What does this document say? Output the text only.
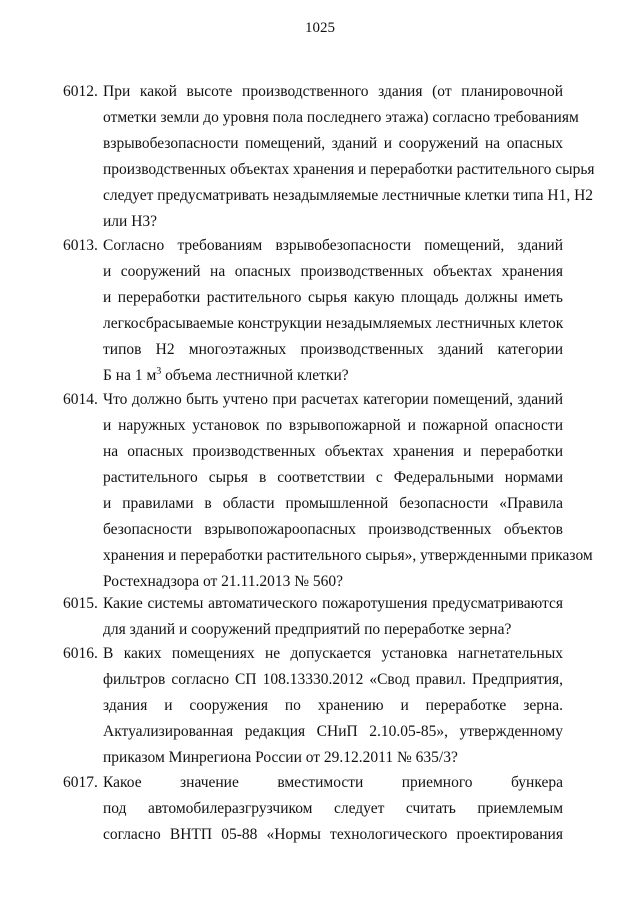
1025
6012. При какой высоте производственного здания (от планировочной
отметки земли до уровня пола последнего этажа) согласно требованиям
взрывобезопасности помещений, зданий и сооружений на опасных
производственных объектах хранения и переработки растительного сырья
следует предусматривать незадымляемые лестничные клетки типа Н1, Н2
или Н3?
6013. Согласно требованиям взрывобезопасности помещений, зданий
и сооружений на опасных производственных объектах хранения
и переработки растительного сырья какую площадь должны иметь
легкосбрасываемые конструкции незадымляемых лестничных клеток
типов Н2 многоэтажных производственных зданий категории
Б на 1 $м^3$ объема лестничной клетки?
6014. Что должно быть учтено при расчетах категории помещений, зданий
и наружных установок по взрывопожарной и пожарной опасности
на опасных производственных объектах хранения и переработки
растительного сырья в соответствии с Федеральными нормами
и правилами в области промышленной безопасности «Правила
безопасности взрывопожароопасных производственных объектов
хранения и переработки растительного сырья», утвержденными приказом
Ростехнадзора от 21.11.2013 № 560?
6015. Какие системы автоматического пожаротушения предусматриваются
для зданий и сооружений предприятий по переработке зерна?
6016. В каких помещениях не допускается установка нагнетательных
фильтров согласно СП 108.13330.2012 «Свод правил. Предприятия,
здания и сооружения по хранению и переработке зерна.
Актуализированная редакция СНиП 2.10.05-85», утвержденному
приказом Минрегиона России от 29.12.2011 № 635/3?
6017. Какое значение вместимости приемного бункера
под автомобилеразгрузчиком следует считать приемлемым
согласно ВНТП 05-88 «Нормы технологического проектирования
